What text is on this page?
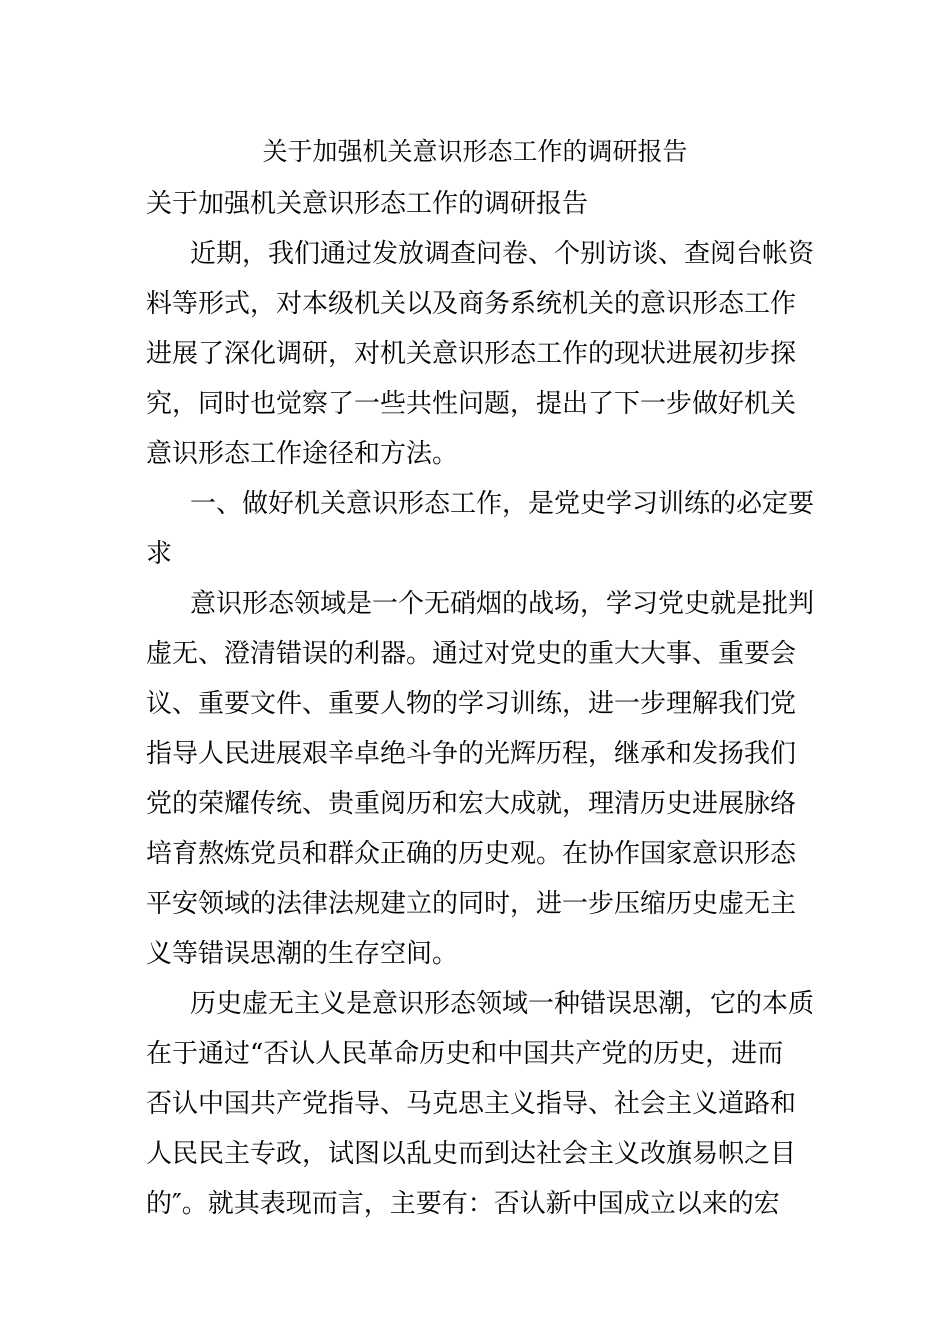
关于加强机关意识形态工作的调研报告
关于加强机关意识形态工作的调研报告
近期，我们通过发放调查问卷、个别访谈、查阅台帐资
料等形式，对本级机关以及商务系统机关的意识形态工作
进展了深化调研，对机关意识形态工作的现状进展初步探
究，同时也觉察了一些共性问题，提出了下一步做好机关
意识形态工作途径和方法。
一、做好机关意识形态工作，是党史学习训练的必定要
求
意识形态领域是一个无硝烟的战场，学习党史就是批判
虚无、澄清错误的利器。通过对党史的重大大事、重要会
议、重要文件、重要人物的学习训练，进一步理解我们党
指导人民进展艰辛卓绝斗争的光辉历程，继承和发扬我们
党的荣耀传统、贵重阅历和宏大成就，理清历史进展脉络
培育熬炼党员和群众正确的历史观。在协作国家意识形态
平安领域的法律法规建立的同时，进一步压缩历史虚无主
义等错误思潮的生存空间。
历史虚无主义是意识形态领域一种错误思潮，它的本质
在于通过“否认人民革命历史和中国共产党的历史，进而
否认中国共产党指导、马克思主义指导、社会主义道路和
人民民主专政，试图以乱史而到达社会主义改旗易帜之目
的″。就其表现而言，主要有：否认新中国成立以来的宏
